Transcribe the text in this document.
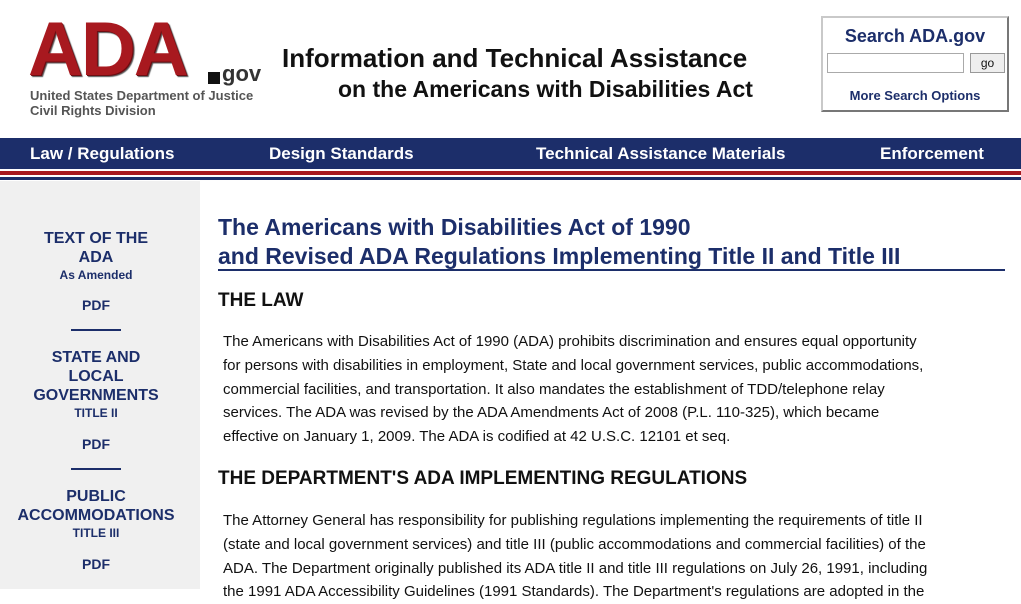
ADA gov
United States Department of Justice
Civil Rights Division
Information and Technical Assistance
on the Americans with Disabilities Act
Search ADA.gov
go
More Search Options
Law / Regulations	Design Standards	Technical Assistance Materials	Enforcement
TEXT OF THE
ADA
As Amended
PDF
STATE AND
LOCAL
GOVERNMENTS
TITLE II
PDF
PUBLIC
ACCOMMODATIONS
TITLE III
PDF
The Americans with Disabilities Act of 1990
and Revised ADA Regulations Implementing Title II and Title III
THE LAW
The Americans with Disabilities Act of 1990 (ADA) prohibits discrimination and ensures equal opportunity
for persons with disabilities in employment, State and local government services, public accommodations,
commercial facilities, and transportation. It also mandates the establishment of TDD/telephone relay
services. The ADA was revised by the ADA Amendments Act of 2008 (P.L. 110-325), which became
effective on January 1, 2009. The ADA is codified at 42 U.S.C. 12101 et seq.
THE DEPARTMENT'S ADA IMPLEMENTING REGULATIONS
The Attorney General has responsibility for publishing regulations implementing the requirements of title II
(state and local government services) and title III (public accommodations and commercial facilities) of the
ADA. The Department originally published its ADA title II and title III regulations on July 26, 1991, including
the 1991 ADA Accessibility Guidelines (1991 Standards). The Department's regulations are adopted in the
